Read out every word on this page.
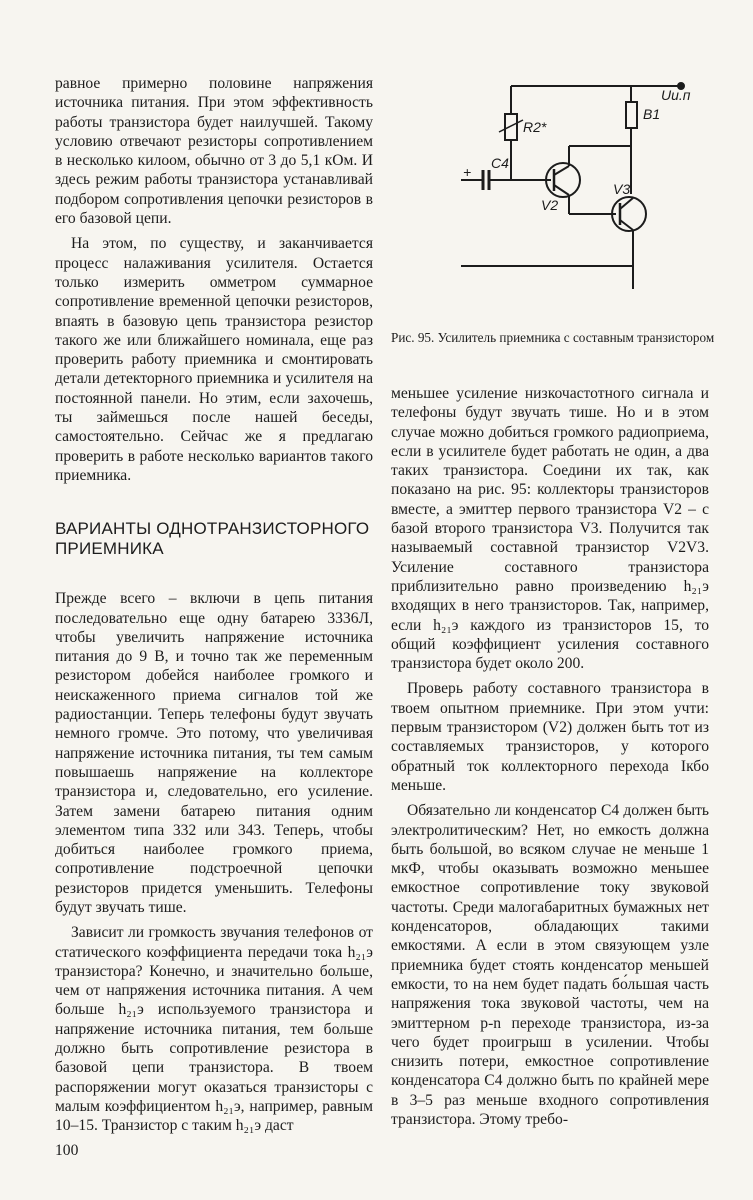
равное примерно половине напряжения источника питания. При этом эффективность работы транзистора будет наилучшей. Такому условию отвечают резисторы сопротивлением в несколько килоом, обычно от 3 до 5,1 кОм. И здесь режим работы транзистора устанавливай подбором сопротивления цепочки резисторов в его базовой цепи.

На этом, по существу, и заканчивается процесс налаживания усилителя. Остается только измерить омметром суммарное сопротивление временной цепочки резисторов, впаять в базовую цепь транзистора резистор такого же или ближайшего номинала, еще раз проверить работу приемника и смонтировать детали детекторного приемника и усилителя на постоянной панели. Но этим, если захочешь, ты займешься после нашей беседы, самостоятельно. Сейчас же я предлагаю проверить в работе несколько вариантов такого приемника.

ВАРИАНТЫ ОДНОТРАНЗИСТОРНОГО ПРИЕМНИКА

Прежде всего – включи в цепь питания последовательно еще одну батарею 3336Л, чтобы увеличить напряжение источника питания до 9 В, и точно так же переменным резистором добейся наиболее громкого и неискаженного приема сигналов той же радиостанции. Теперь телефоны будут звучать немного громче. Это потому, что увеличивая напряжение источника питания, ты тем самым повышаешь напряжение на коллекторе транзистора и, следовательно, его усиление. Затем замени батарею питания одним элементом типа 332 или 343. Теперь, чтобы добиться наиболее громкого приема, сопротивление подстроечной цепочки резисторов придется уменьшить. Телефоны будут звучать тише.

Зависит ли громкость звучания телефонов от статического коэффициента передачи тока h₂₁э транзистора? Конечно, и значительно больше, чем от напряжения источника питания. А чем больше h₂₁э используемого транзистора и напряжение источника питания, тем больше должно быть сопротивление резистора в базовой цепи транзистора. В твоем распоряжении могут оказаться транзисторы с малым коэффициентом h₂₁э, например, равным 10–15. Транзистор с таким h₂₁э даст

R2*
B1
C4
+
V2
V3
Uи.п
Рис. 95. Усилитель приемника с составным транзистором

меньшее усиление низкочастотного сигнала и телефоны будут звучать тише. Но и в этом случае можно добиться громкого радиоприема, если в усилителе будет работать не один, а два таких транзистора. Соедини их так, как показано на рис. 95: коллекторы транзисторов вместе, а эмиттер первого транзистора V2 – с базой второго транзистора V3. Получится так называемый составной транзистор V2V3. Усиление составного транзистора приблизительно равно произведению h₂₁э входящих в него транзисторов. Так, например, если h₂₁э каждого из транзисторов 15, то общий коэффициент усиления составного транзистора будет около 200.

Проверь работу составного транзистора в твоем опытном приемнике. При этом учти: первым транзистором (V2) должен быть тот из составляемых транзисторов, у которого обратный ток коллекторного перехода Iкбо меньше.

Обязательно ли конденсатор C4 должен быть электролитическим? Нет, но емкость должна быть большой, во всяком случае не меньше 1 мкФ, чтобы оказывать возможно меньшее емкостное сопротивление току звуковой частоты. Среди малогабаритных бумажных нет конденсаторов, обладающих такими емкостями. А если в этом связующем узле приемника будет стоять конденсатор меньшей емкости, то на нем будет падать бо́льшая часть напряжения тока звуковой частоты, чем на эмиттерном p-n переходе транзистора, из-за чего будет проигрыш в усилении. Чтобы снизить потери, емкостное сопротивление конденсатора C4 должно быть по крайней мере в 3–5 раз меньше входного сопротивления транзистора. Этому требо-

100
